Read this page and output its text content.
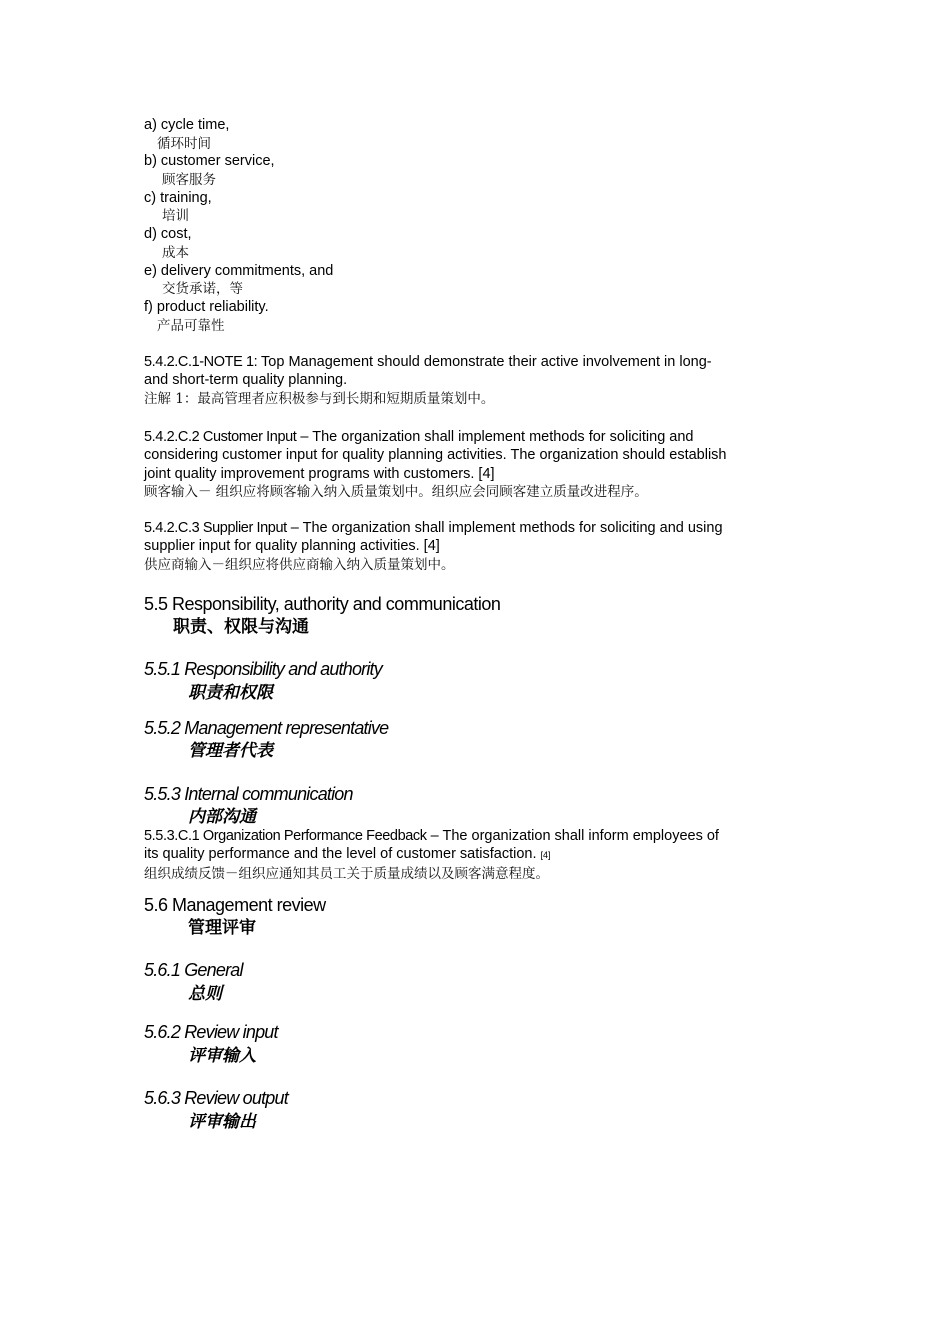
a) cycle time,
循环时间
b) customer service,
顾客服务
c) training,
培训
d) cost,
成本
e) delivery commitments, and
交货承诺，等
f) product reliability.
产品可靠性
5.4.2.C.1-NOTE 1: Top Management should demonstrate their active involvement in long-
and short-term quality planning.
注解 1：最高管理者应积极参与到长期和短期质量策划中。
5.4.2.C.2 Customer Input – The organization shall implement methods for soliciting and
considering customer input for quality planning activities. The organization should establish
joint quality improvement programs with customers. [4]
顾客输入－ 组织应将顾客输入纳入质量策划中。组织应会同顾客建立质量改进程序。
5.4.2.C.3 Supplier Input – The organization shall implement methods for soliciting and using
supplier input for quality planning activities. [4]
供应商输入－组织应将供应商输入纳入质量策划中。
5.5 Responsibility, authority and communication
职责、权限与沟通
5.5.1 Responsibility and authority
职责和权限
5.5.2 Management representative
管理者代表
5.5.3 Internal communication
内部沟通
5.5.3.C.1 Organization Performance Feedback – The organization shall inform employees of
its quality performance and the level of customer satisfaction. [4]
组织成绩反馈－组织应通知其员工关于质量成绩以及顾客满意程度。
5.6 Management review
管理评审
5.6.1 General
总则
5.6.2 Review input
评审输入
5.6.3 Review output
评审输出
